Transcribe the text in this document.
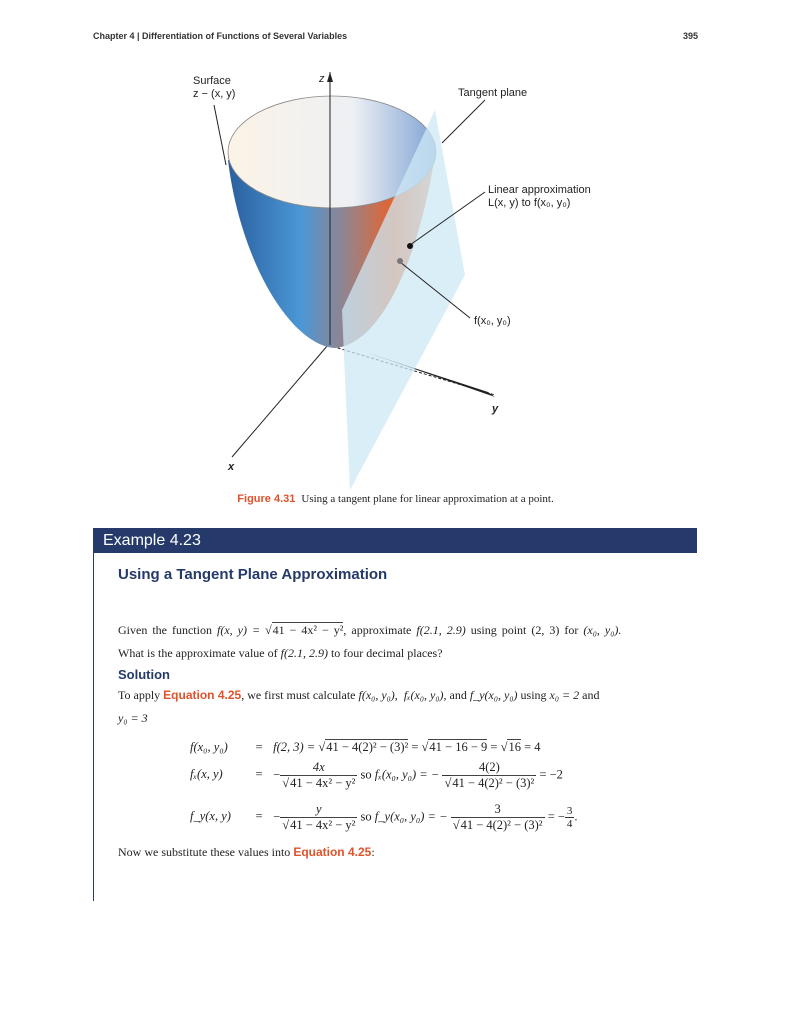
Chapter 4 | Differentiation of Functions of Several Variables	395
Surface
z − (x, y)
z
Tangent plane
Linear approximation
L(x, y) to f(x₀, y₀)
f(x₀, y₀)
y
x
Figure 4.31 Using a tangent plane for linear approximation at a point.
Example 4.23
Using a Tangent Plane Approximation
Given the function f(x, y) = √41 − 4x² − y², approximate f(2.1, 2.9) using point (2, 3) for (x₀, y₀).
What is the approximate value of f(2.1, 2.9) to four decimal places?
Solution
To apply Equation 4.25, we first must calculate f(x₀, y₀), fₓ(x₀, y₀), and f_y(x₀, y₀) using x₀ = 2 and
y₀ = 3
f(x₀, y₀) = f(2, 3) = √41 − 4(2)² − (3)² = √41 − 16 − 9 = √16 = 4
fₓ(x, y)	= − $\frac{4x}{\text{√41 − 4x² − y²}}$ so fₓ(x₀, y₀) = − $\frac{4(2)}{\text{√41 − 4(2)² − (3)²}} = -2$
f_y(x, y) = − $\frac{y}{\text{√41 − 4x² − y²}}$ so f_y(x₀, y₀) = − $\frac{3}{\text{√41 − 4(2)² − (3)²}}$ = − $\frac{3}{4}$ .
Now we substitute these values into Equation 4.25:
